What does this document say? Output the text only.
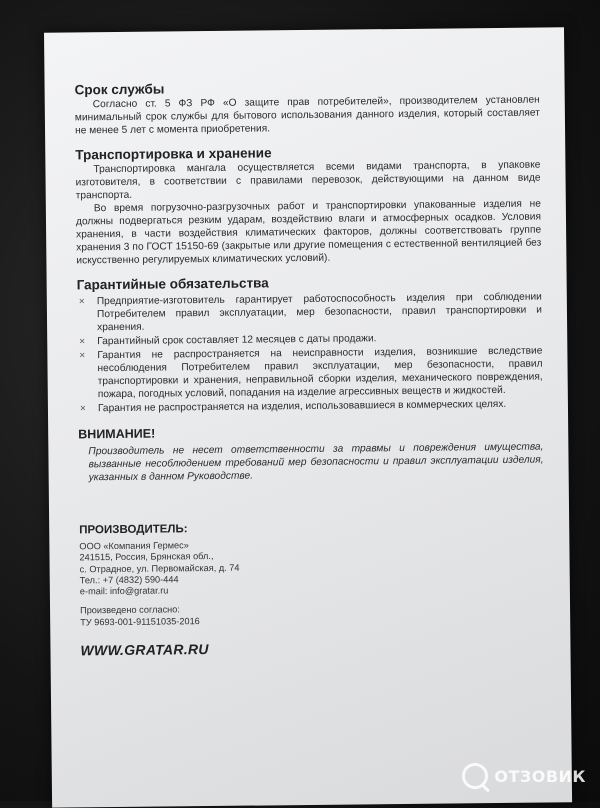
Срок службы

Согласно ст. 5 ФЗ РФ «О защите прав потребителей», производителем установлен минимальный срок службы для бытового использования данного изделия, который составляет не менее 5 лет с момента приобретения.

Транспортировка и хранение

Транспортировка мангала осуществляется всеми видами транспорта, в упаковке изготовителя, в соответствии с правилами перевозок, действующими на данном виде транспорта.

Во время погрузочно-разгрузочных работ и транспортировки упакованные изделия не должны подвергаться резким ударам, воздействию влаги и атмосферных осадков. Условия хранения, в части воздействия климатических факторов, должны соответствовать группе хранения 3 по ГОСТ 15150-69 (закрытые или другие помещения с естественной вентиляцией без искусственно регулируемых климатических условий).

Гарантийные обязательства
× Предприятие-изготовитель гарантирует работоспособность изделия при соблюдении Потребителем правил эксплуатации, мер безопасности, правил транспортировки и хранения.
× Гарантийный срок составляет 12 месяцев с даты продажи.
× Гарантия не распространяется на неисправности изделия, возникшие вследствие несоблюдения Потребителем правил эксплуатации, мер безопасности, правил транспортировки и хранения, неправильной сборки изделия, механического повреждения, пожара, погодных условий, попадания на изделие агрессивных веществ и жидкостей.
× Гарантия не распространяется на изделия, использовавшиеся в коммерческих целях.
ВНИМАНИЕ!

Производитель не несет ответственности за травмы и повреждения имущества, вызванные несоблюдением требований мер безопасности и правил эксплуатации изделия, указанных в данном Руководстве.

ПРОИЗВОДИТЕЛЬ:
ООО «Компания Гермес»
241515, Россия, Брянская обл.,
с. Отрадное, ул. Первомайская, д. 74
Тел.: +7 (4832) 590-444
e-mail: info@gratar.ru
Произведено согласно:
ТУ 9693-001-91151035-2016
WWW.GRATAR.RU
ОТЗОВИК
